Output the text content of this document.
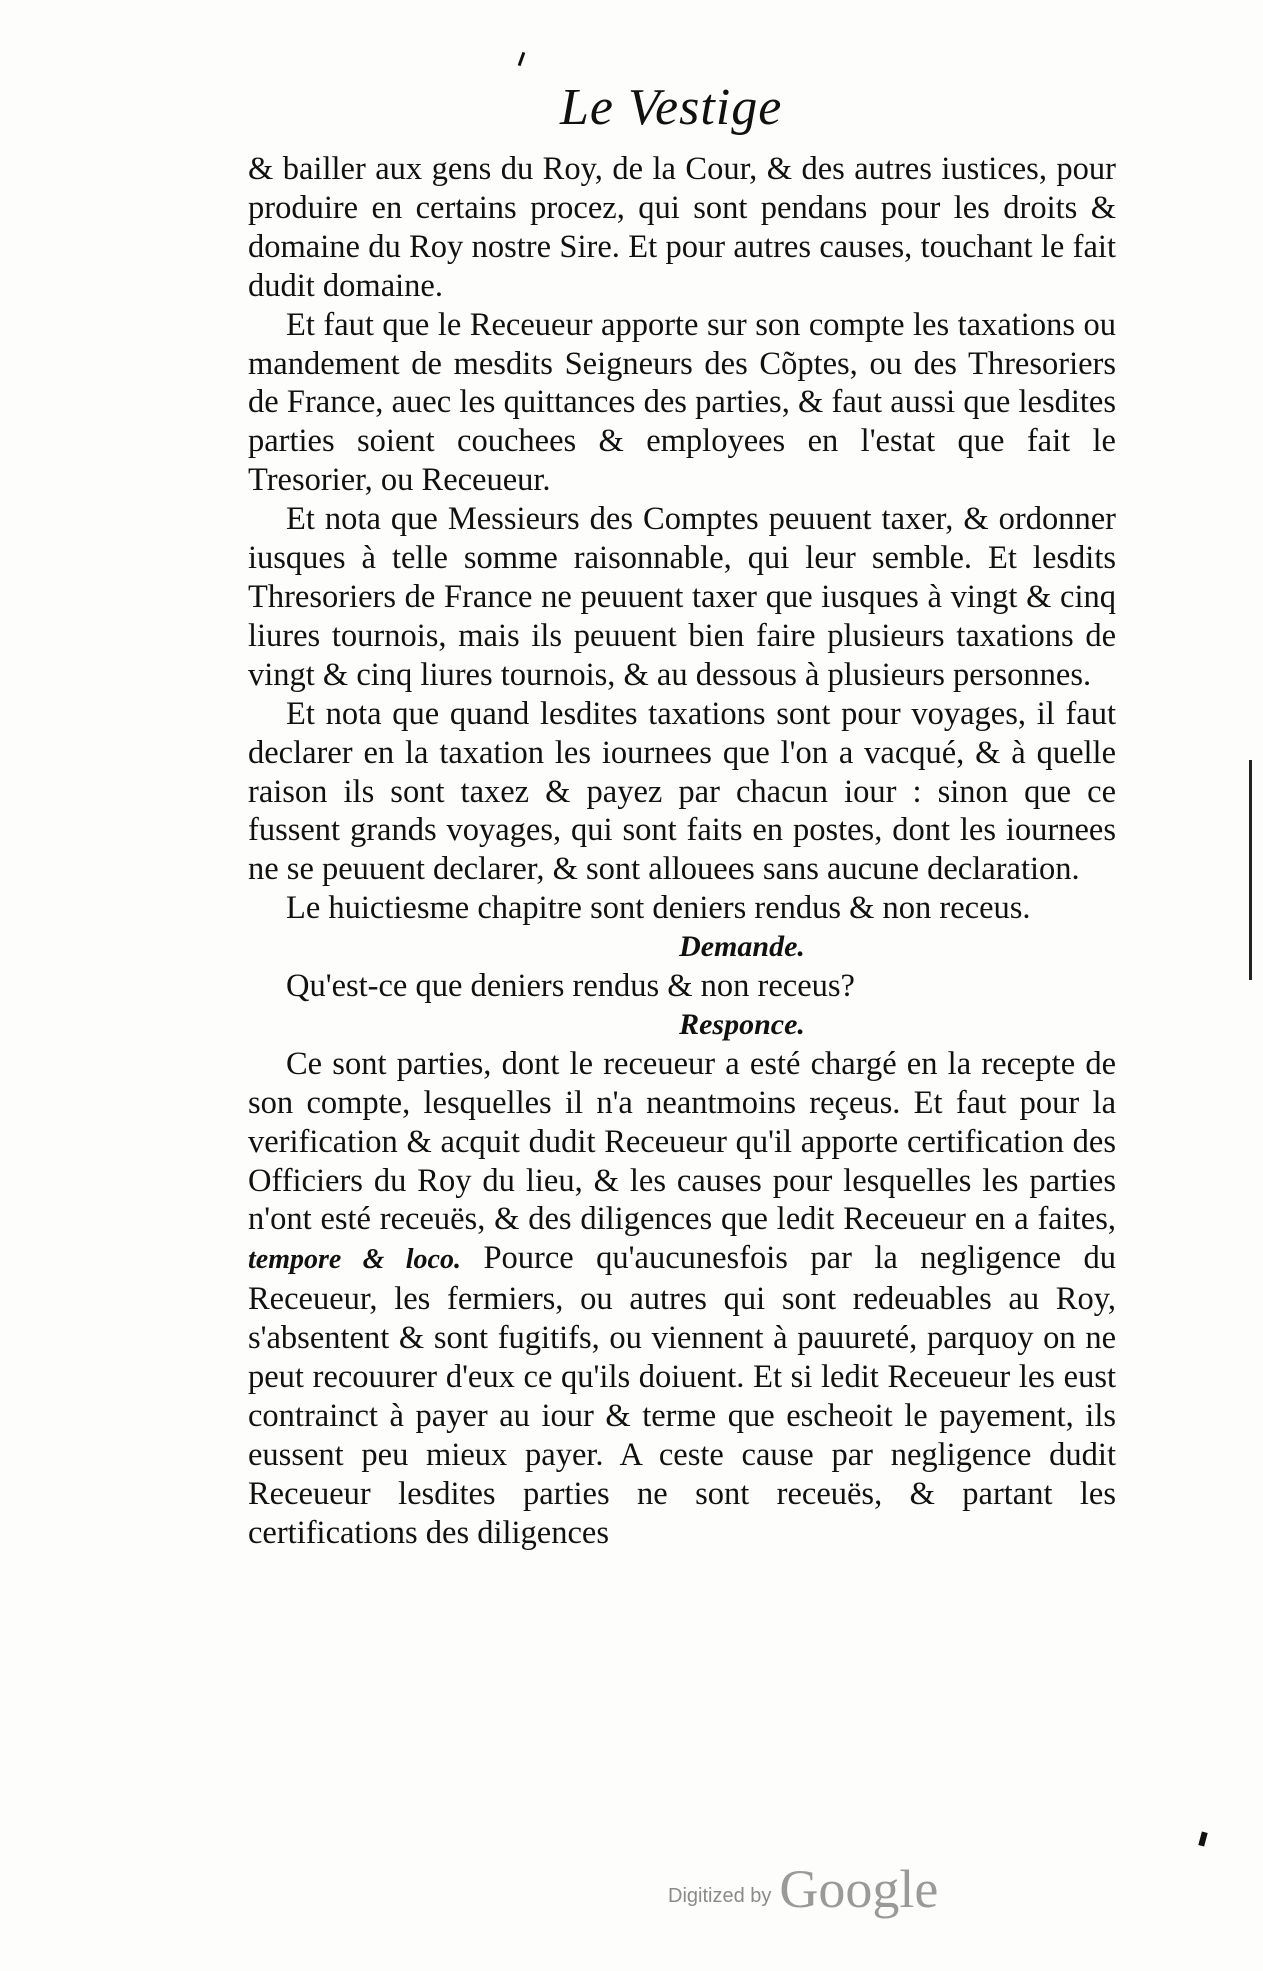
Le Vestige

& bailler aux gens du Roy, de la Cour, & des autres iustices, pour produire en certains procez, qui sont pendans pour les droits & domaine du Roy nostre Sire. Et pour autres causes, touchant le fait dudit domaine.

Et faut que le Receueur apporte sur son compte les taxations ou mandement de mesdits Seigneurs des Cõptes, ou des Thresoriers de France, auec les quittances des parties, & faut aussi que lesdites parties soient couchees & employees en l'estat que fait le Tresorier, ou Receueur.

Et nota que Messieurs des Comptes peuuent taxer, & ordonner iusques à telle somme raisonnable, qui leur semble. Et lesdits Thresoriers de France ne peuuent taxer que iusques à vingt & cinq liures tournois, mais ils peuuent bien faire plusieurs taxations de vingt & cinq liures tournois, & au dessous à plusieurs personnes.

Et nota que quand lesdites taxations sont pour voyages, il faut declarer en la taxation les iournees que l'on a vacqué, & à quelle raison ils sont taxez & payez par chacun iour : sinon que ce fussent grands voyages, qui sont faits en postes, dont les iournees ne se peuuent declarer, & sont allouees sans aucune declaration.

Le huictiesme chapitre sont deniers rendus & non receus.

Demande.

Qu'est-ce que deniers rendus & non receus?

Responce.

Ce sont parties, dont le receueur a esté chargé en la recepte de son compte, lesquelles il n'a neantmoins reçeus. Et faut pour la verification & acquit dudit Receueur qu'il apporte certification des Officiers du Roy du lieu, & les causes pour lesquelles les parties n'ont esté receuës, & des diligences que ledit Receueur en a faites, tempore & loco. Pource qu'aucunesfois par la negligence du Receueur, les fermiers, ou autres qui sont redeuables au Roy, s'absentent & sont fugitifs, ou viennent à pauureté, parquoy on ne peut recouurer d'eux ce qu'ils doiuent. Et si ledit Receueur les eust contrainct à payer au iour & terme que escheoit le payement, ils eussent peu mieux payer. A ceste cause par negligence dudit Receueur lesdites parties ne sont receuës, & partant les certifications des diligences

Digitized by Google
